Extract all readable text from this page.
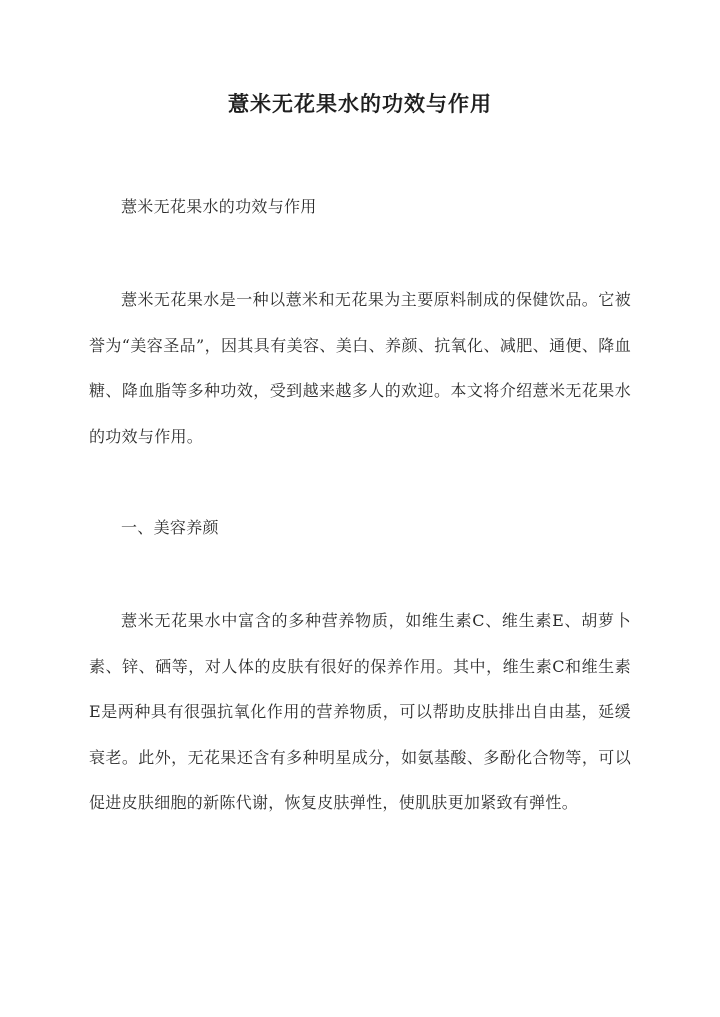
薏米无花果水的功效与作用

薏米无花果水的功效与作用

薏米无花果水是一种以薏米和无花果为主要原料制成的保健饮品。它被誉为“美容圣品”，因其具有美容、美白、养颜、抗氧化、减肥、通便、降血糖、降血脂等多种功效，受到越来越多人的欢迎。本文将介绍薏米无花果水的功效与作用。

一、美容养颜

薏米无花果水中富含的多种营养物质，如维生素C、维生素E、胡萝卜素、锌、硒等，对人体的皮肤有很好的保养作用。其中，维生素C和维生素E是两种具有很强抗氧化作用的营养物质，可以帮助皮肤排出自由基，延缓衰老。此外，无花果还含有多种明星成分，如氨基酸、多酚化合物等，可以促进皮肤细胞的新陈代谢，恢复皮肤弹性，使肌肤更加紧致有弹性。
